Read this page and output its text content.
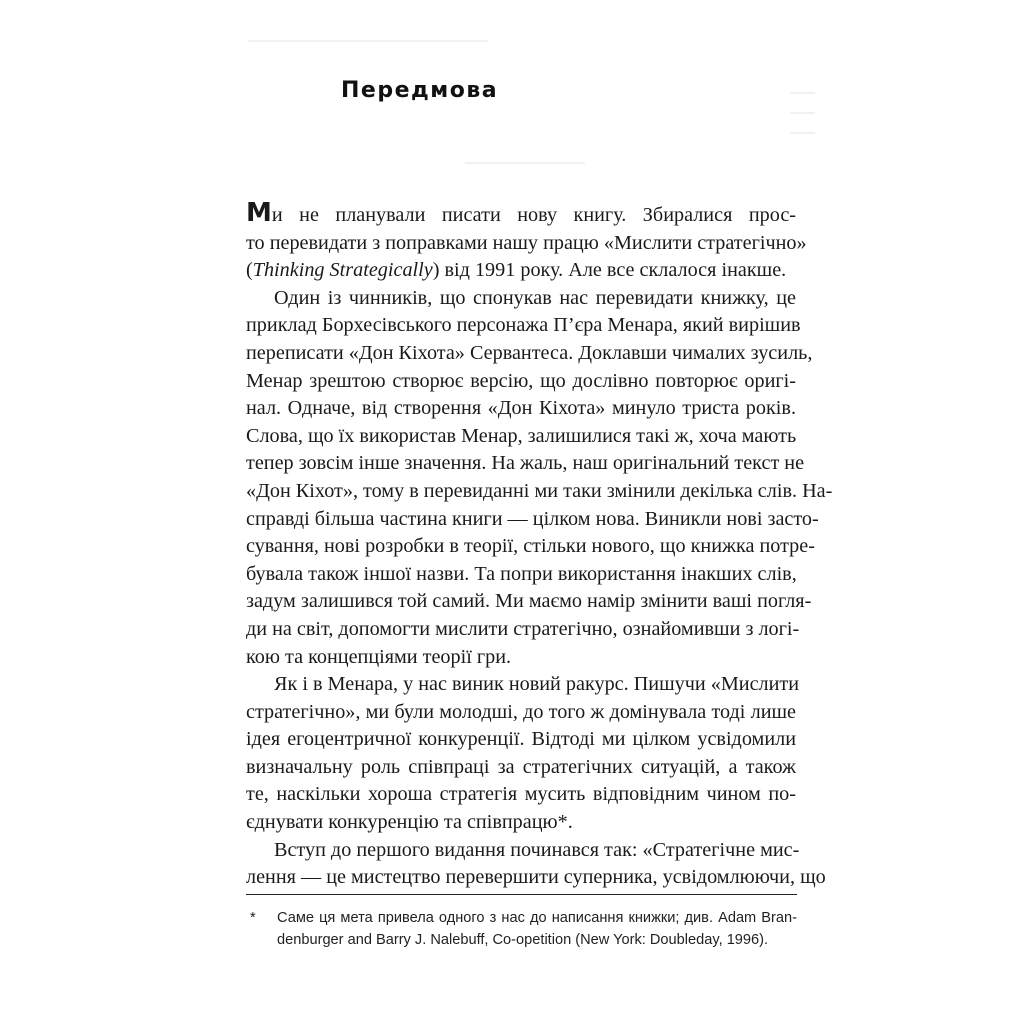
Передмова
Ми не планували писати нову книгу. Збиралися прос-
то перевидати з поправками нашу працю «Мислити стратегічно»
(Thinking Strategically) від 1991 року. Але все склалося інакше.
Один із чинників, що спонукав нас перевидати книжку, це
приклад Борхесівського персонажа П’єра Менара, який вирішив
переписати «Дон Кіхота» Сервантеса. Доклавши чималих зусиль,
Менар зрештою створює версію, що дослівно повторює оригі-
нал. Одначе, від створення «Дон Кіхота» минуло триста років.
Слова, що їх використав Менар, залишилися такі ж, хоча мають
тепер зовсім інше значення. На жаль, наш оригінальний текст не
«Дон Кіхот», тому в перевиданні ми таки змінили декілька слів. На-
справді більша частина книги — цілком нова. Виникли нові засто-
сування, нові розробки в теорії, стільки нового, що книжка потре-
бувала також іншої назви. Та попри використання інакших слів,
задум залишився той самий. Ми маємо намір змінити ваші погля-
ди на світ, допомогти мислити стратегічно, ознайомивши з логі-
кою та концепціями теорії гри.
Як і в Менара, у нас виник новий ракурс. Пишучи «Мислити
стратегічно», ми були молодші, до того ж домінувала тоді лише
ідея егоцентричної конкуренції. Відтоді ми цілком усвідомили
визначальну роль співпраці за стратегічних ситуацій, а також
те, наскільки хороша стратегія мусить відповідним чином по-
єднувати конкуренцію та співпрацю*.
Вступ до першого видання починався так: «Стратегічне мис-
лення — це мистецтво перевершити суперника, усвідомлюючи, що
* Саме ця мета привела одного з нас до написання книжки; див. Adam Bran-
denburger and Barry J. Nalebuff, Co-opetition (New York: Doubleday, 1996).
